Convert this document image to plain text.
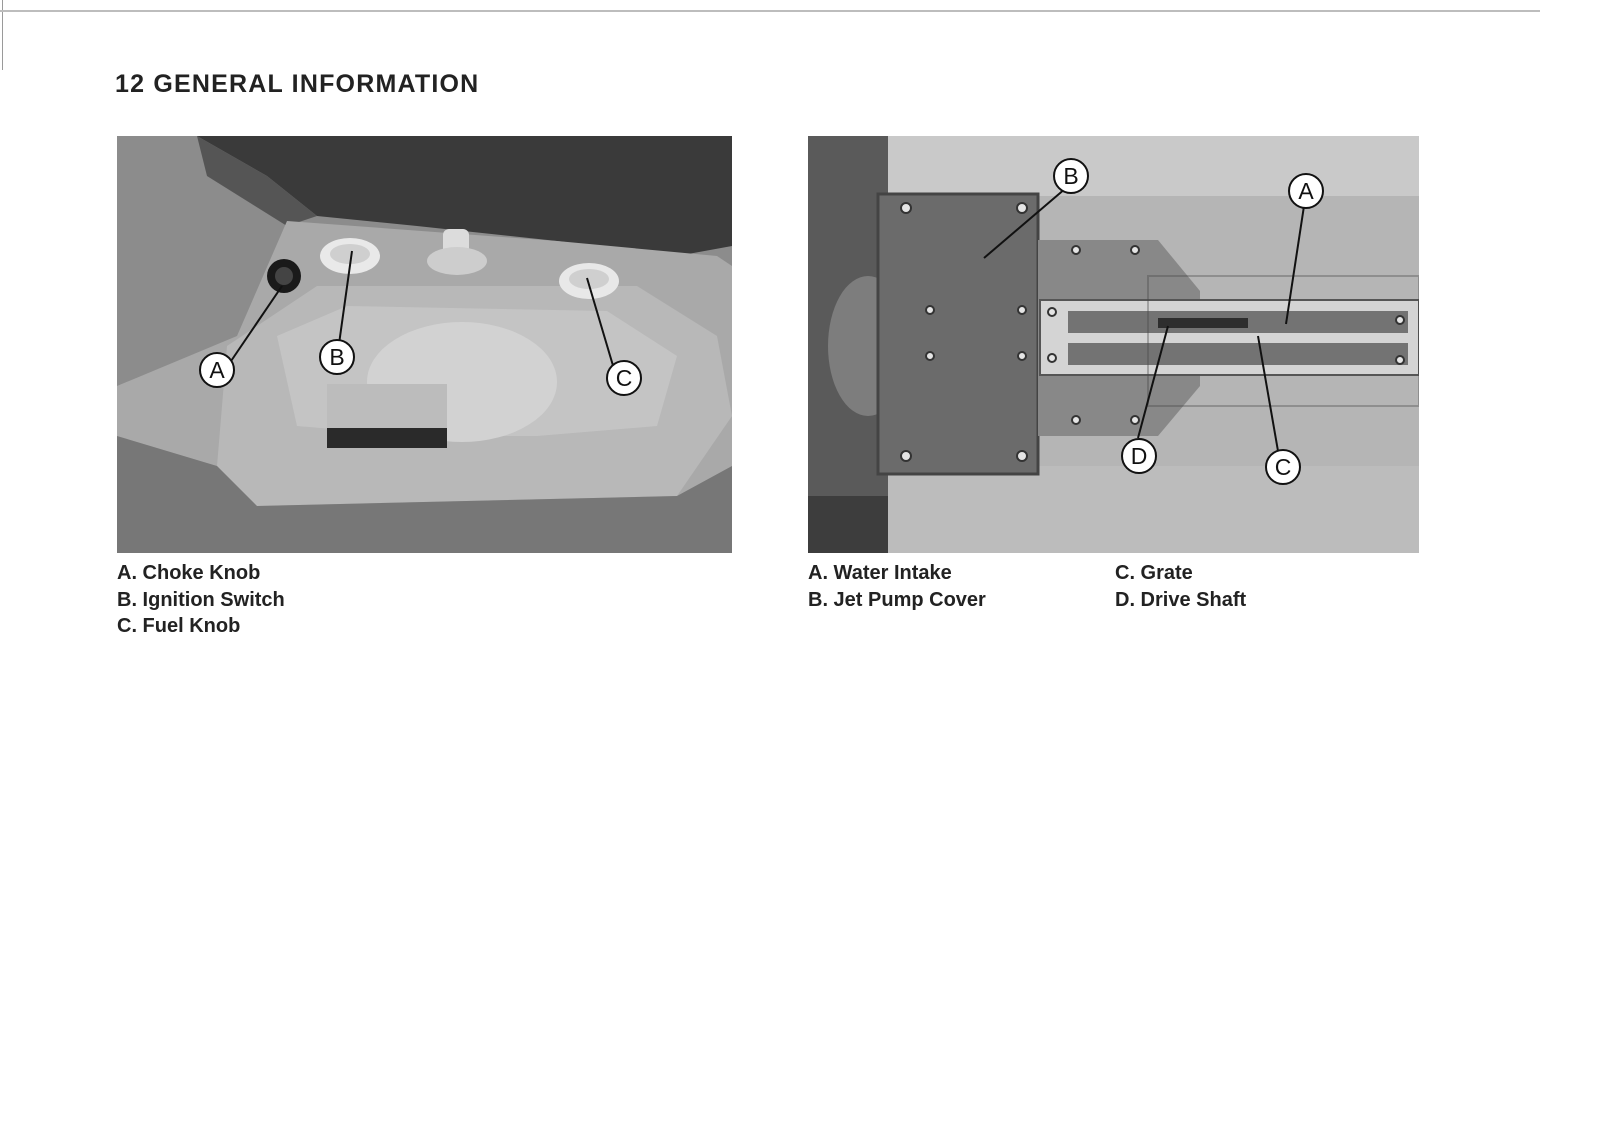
12 GENERAL INFORMATION
A	B
C
A. Choke Knob
B. Ignition Switch
C. Fuel Knob
B
A
D	C
A. Water Intake
B. Jet Pump Cover
C. Grate
D. Drive Shaft
